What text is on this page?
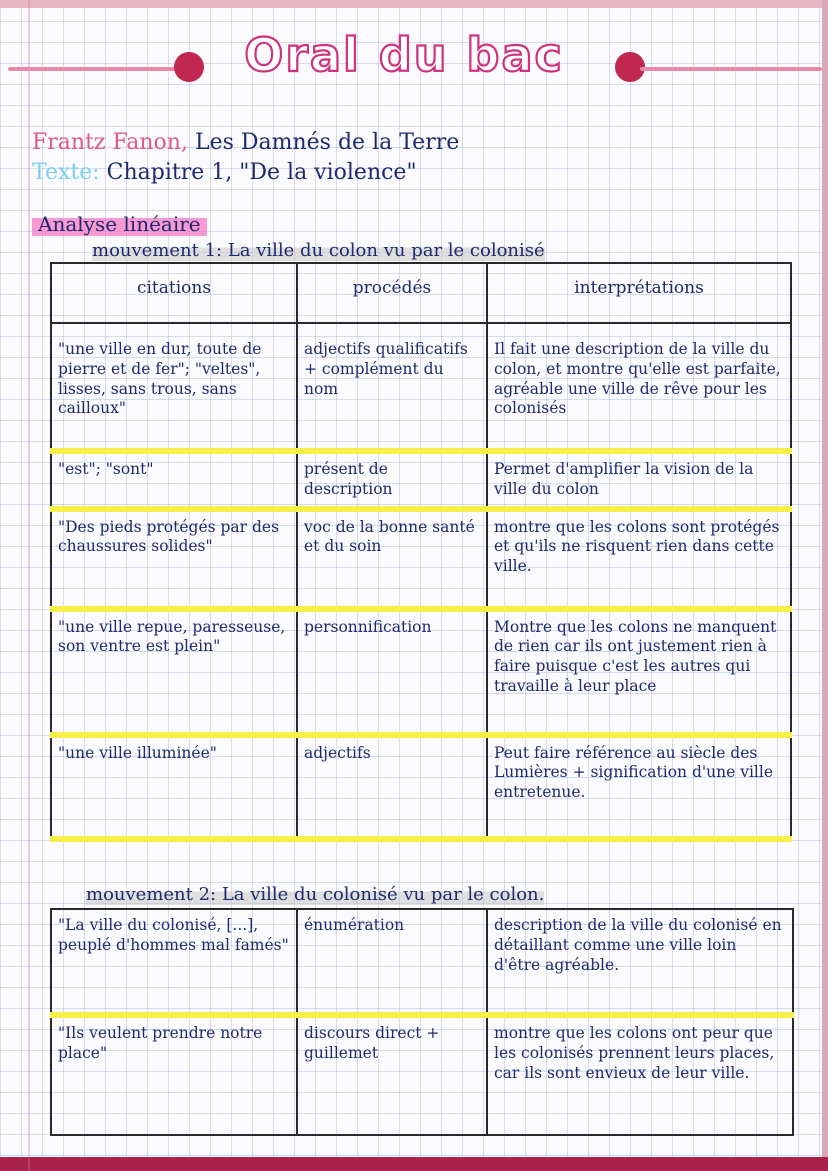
Oral du bac
Frantz Fanon, Les Damnés de la Terre
Texte: Chapitre 1, "De la violence"
Analyse linéaire
mouvement 1: La ville du colon vu par le colonisé
citations	procédés	interprétations
"une ville en dur, toute de pierre et de fer"; "veltes", lisses, sans trous, sans cailloux"	adjectifs qualificatifs + complément du nom	Il fait une description de la ville du colon, et montre qu'elle est parfaite, agréable une ville de rêve pour les colonisés
"est"; "sont"	présent de description	Permet d'amplifier la vision de la ville du colon
"Des pieds protégés par des chaussures solides"	voc de la bonne santé et du soin	montre que les colons sont protégés et qu'ils ne risquent rien dans cette ville.
"une ville repue, paresseuse, son ventre est plein"	personnification	Montre que les colons ne manquent de rien car ils ont justement rien à faire puisque c'est les autres qui travaille à leur place
"une ville illuminée"	adjectifs	Peut faire référence au siècle des Lumières + signification d'une ville entretenue.
mouvement 2: La ville du colonisé vu par le colon.
"La ville du colonisé, [...], peuplé d'hommes mal famés"	énumération	description de la ville du colonisé en détaillant comme une ville loin d'être agréable.
"Ils veulent prendre notre place"	discours direct + guillemet	montre que les colons ont peur que les colonisés prennent leurs places, car ils sont envieux de leur ville.
